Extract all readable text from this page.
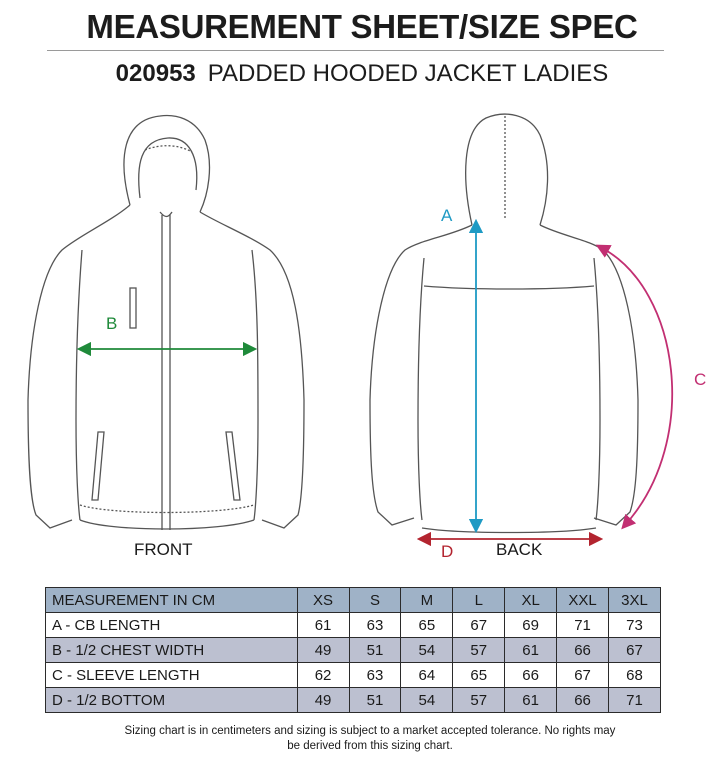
MEASUREMENT SHEET/SIZE SPEC
020953 PADDED HOODED JACKET LADIES
A
B
C
D
FRONT	BACK
MEASUREMENT IN CM	XS	S	M	L	XL	XXL	3XL
A - CB LENGTH	61	63	65	67	69	71	73
B - 1/2 CHEST WIDTH	49	51	54	57	61	66	67
C - SLEEVE LENGTH	62	63	64	65	66	67	68
D - 1/2 BOTTOM	49	51	54	57	61	66	71
Sizing chart is in centimeters and sizing is subject to a market accepted tolerance. No rights may be derived from this sizing chart.
